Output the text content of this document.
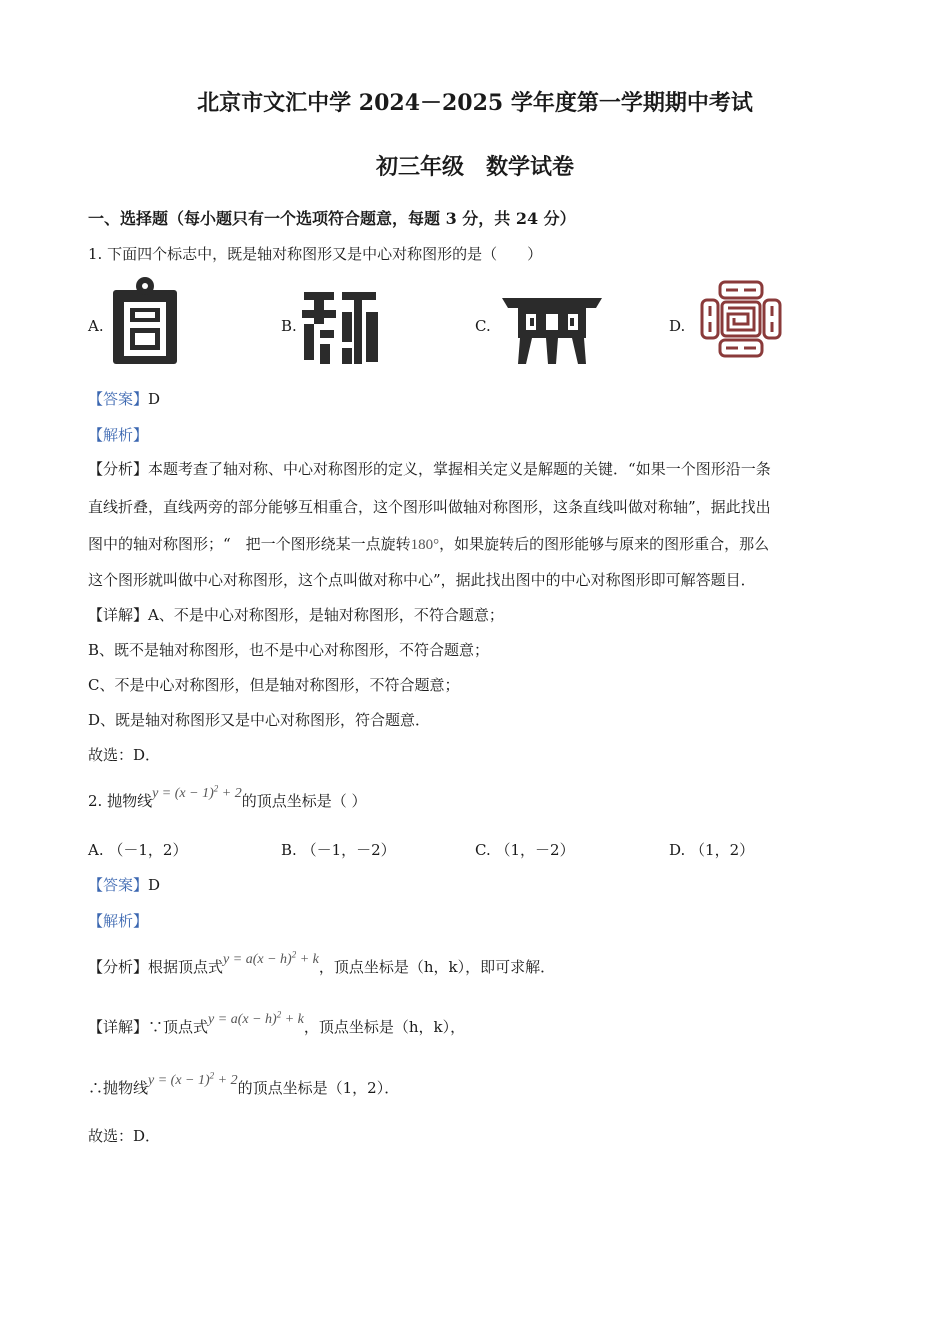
北京市文汇中学 2024－2025 学年度第一学期期中考试
初三年级　数学试卷
一、选择题（每小题只有一个选项符合题意，每题 3 分，共 24 分）
1. 下面四个标志中，既是轴对称图形又是中心对称图形的是（　　）
A.	B.	C.	D.
【答案】D
【解析】
【分析】本题考查了轴对称、中心对称图形的定义，掌握相关定义是解题的关键．“如果一个图形沿一条
直线折叠，直线两旁的部分能够互相重合，这个图形叫做轴对称图形，这条直线叫做对称轴”，据此找出
图中的轴对称图形；“　把一个图形绕某一点旋转180°，如果旋转后的图形能够与原来的图形重合，那么
这个图形就叫做中心对称图形，这个点叫做对称中心”，据此找出图中的中心对称图形即可解答题目．
【详解】A、不是中心对称图形，是轴对称图形，不符合题意；
B、既不是轴对称图形，也不是中心对称图形，不符合题意；
C、不是中心对称图形，但是轴对称图形，不符合题意；
D、既是轴对称图形又是中心对称图形，符合题意．
故选：D．
2. 抛物线$y = (x - 1)^2 + 2$的顶点坐标是（ ）
A. （－1，2）	B. （－1，－2）	C. （1，－2）	D. （1，2）
【答案】D
【解析】
【分析】根据顶点式$y = a(x - h)^2 + k$，顶点坐标是（h，k），即可求解．
【详解】∵顶点式$y = a(x - h)^2 + k$，顶点坐标是（h，k），
∴抛物线$y = (x - 1)^2 + 2$的顶点坐标是（1，2）．
故选：D．
